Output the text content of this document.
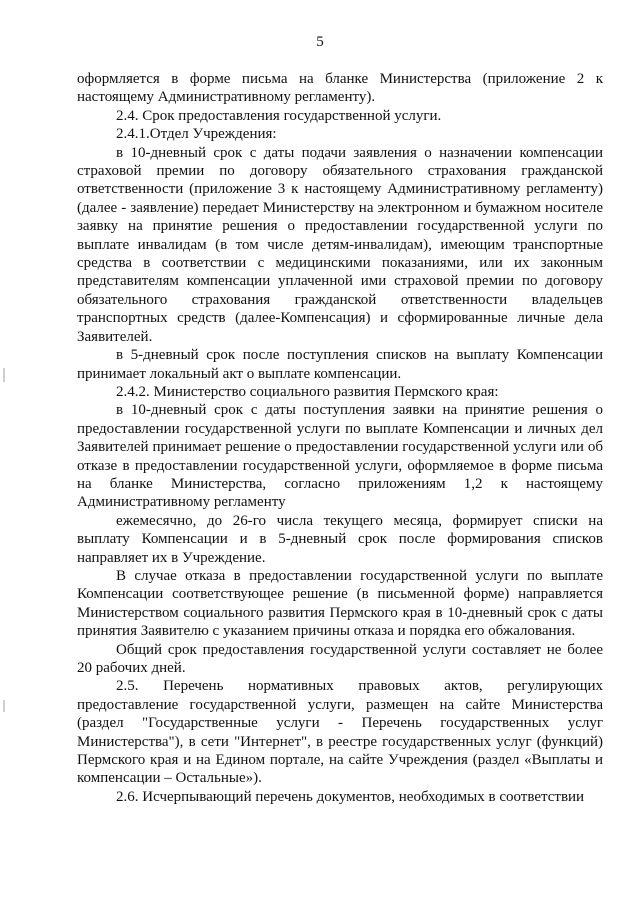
5

оформляется в форме письма на бланке Министерства (приложение 2 к настоящему Административному регламенту).

2.4. Срок предоставления государственной услуги.

2.4.1.Отдел Учреждения:

в 10-дневный срок с даты подачи заявления о назначении компенсации страховой премии по договору обязательного страхования гражданской ответственности (приложение 3 к настоящему Административному регламенту) (далее - заявление) передает Министерству на электронном и бумажном носителе заявку на принятие решения о предоставлении государственной услуги по выплате инвалидам (в том числе детям-инвалидам), имеющим транспортные средства в соответствии с медицинскими показаниями, или их законным представителям компенсации уплаченной ими страховой премии по договору обязательного страхования гражданской ответственности владельцев транспортных средств (далее-Компенсация) и сформированные личные дела Заявителей.

в 5-дневный срок после поступления списков на выплату Компенсации принимает локальный акт о выплате компенсации.

2.4.2. Министерство социального развития Пермского края:

в 10-дневный срок с даты поступления заявки на принятие решения о предоставлении государственной услуги по выплате Компенсации и личных дел Заявителей принимает решение о предоставлении государственной услуги или об отказе в предоставлении государственной услуги, оформляемое в форме письма на бланке Министерства, согласно приложениям 1,2 к настоящему Административному регламенту

ежемесячно, до 26-го числа текущего месяца, формирует списки на выплату Компенсации и в 5-дневный срок после формирования списков направляет их в Учреждение.

В случае отказа в предоставлении государственной услуги по выплате Компенсации соответствующее решение (в письменной форме) направляется Министерством социального развития Пермского края в 10-дневный срок с даты принятия Заявителю с указанием причины отказа и порядка его обжалования.

Общий срок предоставления государственной услуги составляет не более 20 рабочих дней.

2.5. Перечень нормативных правовых актов, регулирующих предоставление государственной услуги, размещен на сайте Министерства (раздел "Государственные услуги - Перечень государственных услуг Министерства"), в сети "Интернет", в реестре государственных услуг (функций) Пермского края и на Едином портале, на сайте Учреждения (раздел «Выплаты и компенсации – Остальные»).

2.6. Исчерпывающий перечень документов, необходимых в соответствии
